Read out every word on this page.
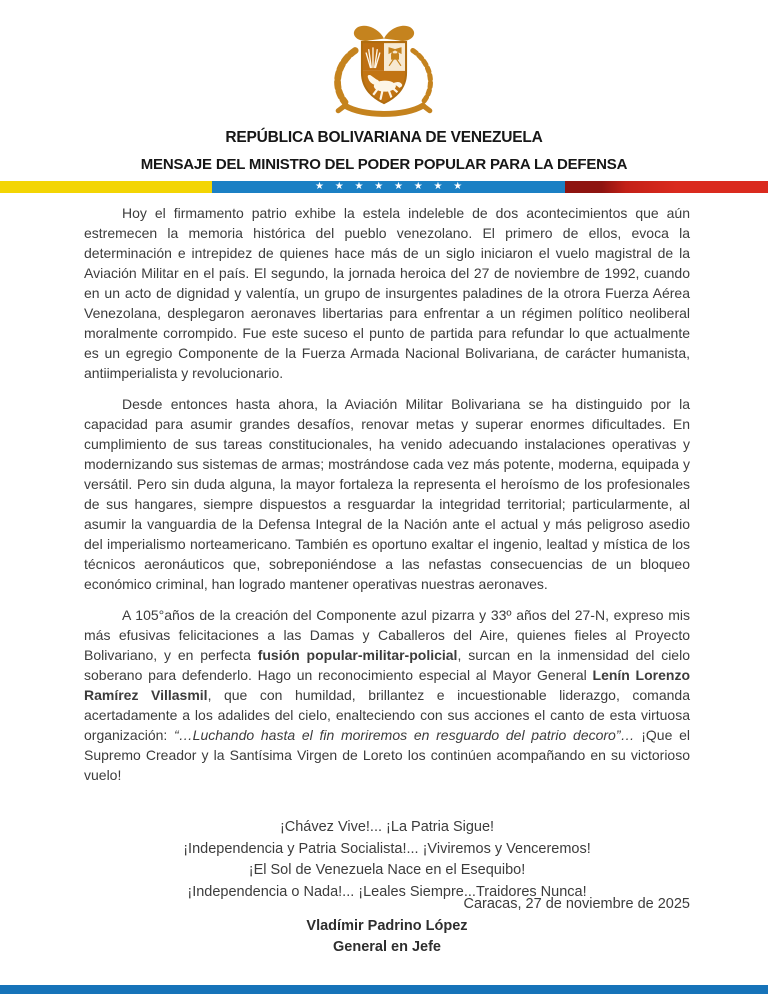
REPÚBLICA BOLIVARIANA DE VENEZUELA
MENSAJE DEL MINISTRO DEL PODER POPULAR PARA LA DEFENSA
★ ★ ★ ★ ★ ★ ★ ★

Hoy el firmamento patrio exhibe la estela indeleble de dos acontecimientos que aún estremecen la memoria histórica del pueblo venezolano. El primero de ellos, evoca la determinación e intrepidez de quienes hace más de un siglo iniciaron el vuelo magistral de la Aviación Militar en el país. El segundo, la jornada heroica del 27 de noviembre de 1992, cuando en un acto de dignidad y valentía, un grupo de insurgentes paladines de la otrora Fuerza Aérea Venezolana, desplegaron aeronaves libertarias para enfrentar a un régimen político neoliberal moralmente corrompido. Fue este suceso el punto de partida para refundar lo que actualmente es un egregio Componente de la Fuerza Armada Nacional Bolivariana, de carácter humanista, antiimperialista y revolucionario.

Desde entonces hasta ahora, la Aviación Militar Bolivariana se ha distinguido por la capacidad para asumir grandes desafíos, renovar metas y superar enormes dificultades. En cumplimiento de sus tareas constitucionales, ha venido adecuando instalaciones operativas y modernizando sus sistemas de armas; mostrándose cada vez más potente, moderna, equipada y versátil. Pero sin duda alguna, la mayor fortaleza la representa el heroísmo de los profesionales de sus hangares, siempre dispuestos a resguardar la integridad territorial; particularmente, al asumir la vanguardia de la Defensa Integral de la Nación ante el actual y más peligroso asedio del imperialismo norteamericano. También es oportuno exaltar el ingenio, lealtad y mística de los técnicos aeronáuticos que, sobreponiéndose a las nefastas consecuencias de un bloqueo económico criminal, han logrado mantener operativas nuestras aeronaves.

A 105°años de la creación del Componente azul pizarra y 33º años del 27-N, expreso mis más efusivas felicitaciones a las Damas y Caballeros del Aire, quienes fieles al Proyecto Bolivariano, y en perfecta fusión popular-militar-policial, surcan en la inmensidad del cielo soberano para defenderlo. Hago un reconocimiento especial al Mayor General Lenín Lorenzo Ramírez Villasmil, que con humildad, brillantez e incuestionable liderazgo, comanda acertadamente a los adalides del cielo, enalteciendo con sus acciones el canto de esta virtuosa organización: “…Luchando hasta el fin moriremos en resguardo del patrio decoro”… ¡Que el Supremo Creador y la Santísima Virgen de Loreto los continúen acompañando en su victorioso vuelo!

¡Chávez Vive!... ¡La Patria Sigue!
¡Independencia y Patria Socialista!... ¡Viviremos y Venceremos!
¡El Sol de Venezuela Nace en el Esequibo!
¡Independencia o Nada!... ¡Leales Siempre...Traidores Nunca!
Caracas, 27 de noviembre de 2025
Vladímir Padrino López
General en Jefe
